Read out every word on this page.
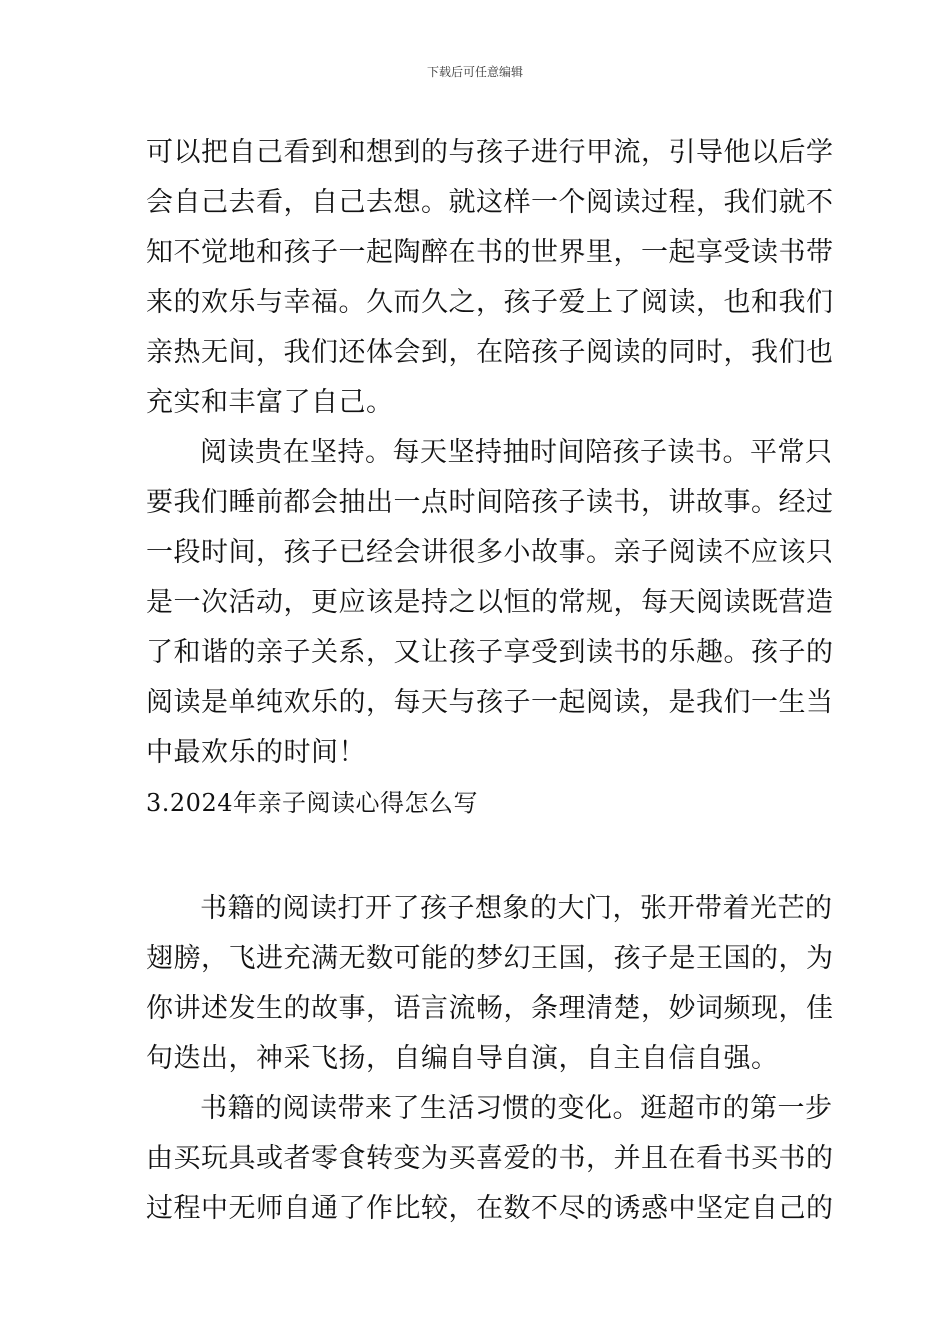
下载后可任意编辑
可以把自己看到和想到的与孩子进行甲流，引导他以后学
会自己去看，自己去想。就这样一个阅读过程，我们就不
知不觉地和孩子一起陶醉在书的世界里，一起享受读书带
来的欢乐与幸福。久而久之，孩子爱上了阅读，也和我们
亲热无间，我们还体会到，在陪孩子阅读的同时，我们也
充实和丰富了自己。
阅读贵在坚持。每天坚持抽时间陪孩子读书。平常只
要我们睡前都会抽出一点时间陪孩子读书，讲故事。经过
一段时间，孩子已经会讲很多小故事。亲子阅读不应该只
是一次活动，更应该是持之以恒的常规，每天阅读既营造
了和谐的亲子关系，又让孩子享受到读书的乐趣。孩子的
阅读是单纯欢乐的，每天与孩子一起阅读，是我们一生当
中最欢乐的时间！
3.2024年亲子阅读心得怎么写
书籍的阅读打开了孩子想象的大门，张开带着光芒的
翅膀，飞进充满无数可能的梦幻王国，孩子是王国的，为
你讲述发生的故事，语言流畅，条理清楚，妙词频现，佳
句迭出，神采飞扬，自编自导自演，自主自信自强。
书籍的阅读带来了生活习惯的变化。逛超市的第一步
由买玩具或者零食转变为买喜爱的书，并且在看书买书的
过程中无师自通了作比较，在数不尽的诱惑中坚定自己的
